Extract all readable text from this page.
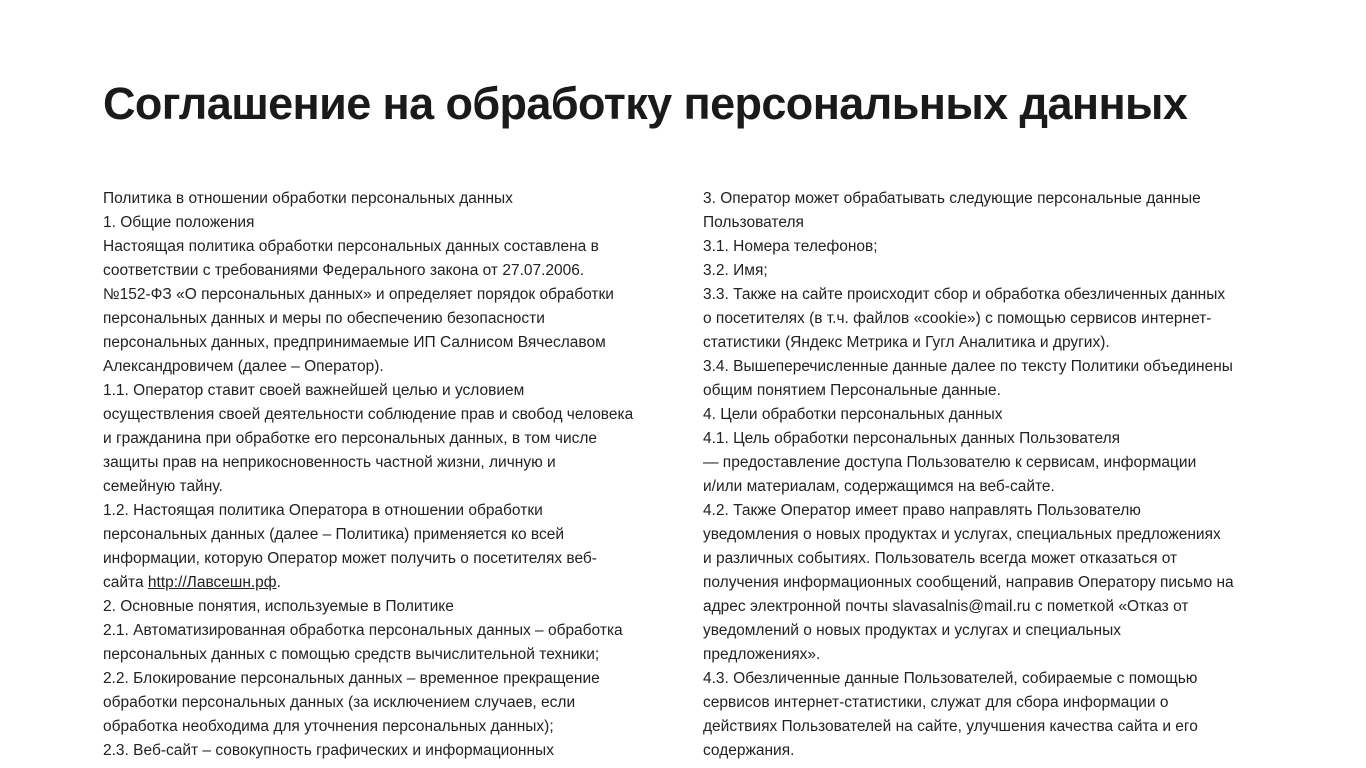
Соглашение на обработку персональных данных
Политика в отношении обработки персональных данных
1. Общие положения
Настоящая политика обработки персональных данных составлена в
соответствии с требованиями Федерального закона от 27.07.2006.
№152-ФЗ «О персональных данных» и определяет порядок обработки
персональных данных и меры по обеспечению безопасности
персональных данных, предпринимаемые ИП Салнисом Вячеславом
Александровичем (далее – Оператор).
1.1. Оператор ставит своей важнейшей целью и условием
осуществления своей деятельности соблюдение прав и свобод человека
и гражданина при обработке его персональных данных, в том числе
защиты прав на неприкосновенность частной жизни, личную и
семейную тайну.
1.2. Настоящая политика Оператора в отношении обработки
персональных данных (далее – Политика) применяется ко всей
информации, которую Оператор может получить о посетителях веб-
сайта http://Лавсешн.рф.
2. Основные понятия, используемые в Политике
2.1. Автоматизированная обработка персональных данных – обработка
персональных данных с помощью средств вычислительной техники;
2.2. Блокирование персональных данных – временное прекращение
обработки персональных данных (за исключением случаев, если
обработка необходима для уточнения персональных данных);
2.3. Веб-сайт – совокупность графических и информационных
3. Оператор может обрабатывать следующие персональные данные
Пользователя
3.1. Номера телефонов;
3.2. Имя;
3.3. Также на сайте происходит сбор и обработка обезличенных данных
о посетителях (в т.ч. файлов «cookie») с помощью сервисов интернет-
статистики (Яндекс Метрика и Гугл Аналитика и других).
3.4. Вышеперечисленные данные далее по тексту Политики объединены
общим понятием Персональные данные.
4. Цели обработки персональных данных
4.1. Цель обработки персональных данных Пользователя
— предоставление доступа Пользователю к сервисам, информации
и/или материалам, содержащимся на веб-сайте.
4.2. Также Оператор имеет право направлять Пользователю
уведомления о новых продуктах и услугах, специальных предложениях
и различных событиях. Пользователь всегда может отказаться от
получения информационных сообщений, направив Оператору письмо на
адрес электронной почты slavasalnis@mail.ru с пометкой «Отказ от
уведомлений о новых продуктах и услугах и специальных
предложениях».
4.3. Обезличенные данные Пользователей, собираемые с помощью
сервисов интернет-статистики, служат для сбора информации о
действиях Пользователей на сайте, улучшения качества сайта и его
содержания.
